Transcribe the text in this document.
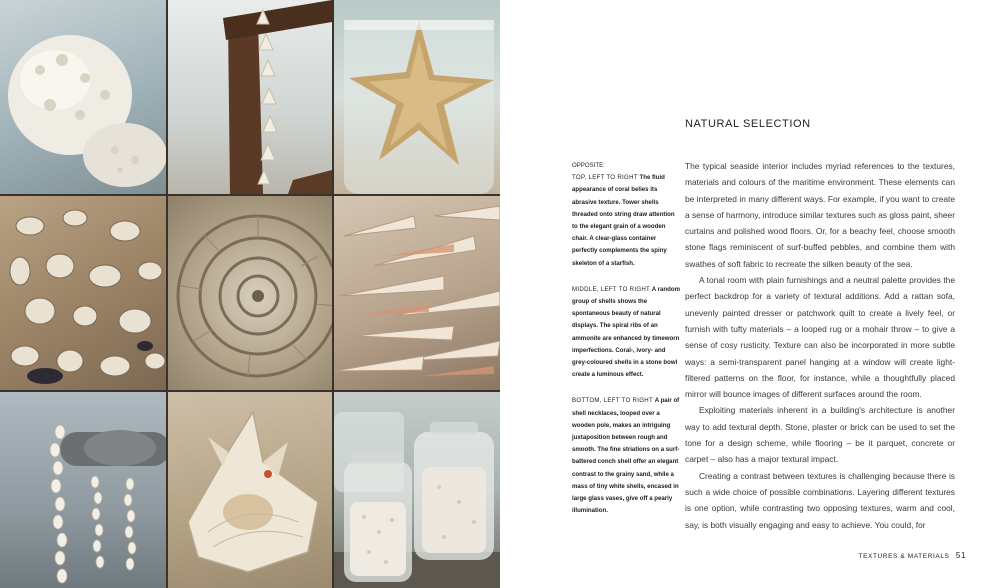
NATURAL SELECTION
OPPOSITE:
TOP, LEFT TO RIGHT The fluid appearance of coral belies its abrasive texture. Tower shells threaded onto string draw attention to the elegant grain of a wooden chair. A clear-glass container perfectly complements the spiny skeleton of a starfish.
MIDDLE, LEFT TO RIGHT A random group of shells shows the spontaneous beauty of natural displays. The spiral ribs of an ammonite are enhanced by timeworn imperfections. Coral-, ivory- and grey-coloured shells in a stone bowl create a luminous effect.
BOTTOM, LEFT TO RIGHT A pair of shell necklaces, looped over a wooden pole, makes an intriguing juxtaposition between rough and smooth. The fine striations on a surf-battered conch shell offer an elegant contrast to the grainy sand, while a mass of tiny white shells, encased in large glass vases, give off a pearly illumination.

The typical seaside interior includes myriad references to the textures, materials and colours of the maritime environment. These elements can be interpreted in many different ways. For example, if you want to create a sense of harmony, introduce similar textures such as gloss paint, sheer curtains and polished wood floors. Or, for a beachy feel, choose smooth stone flags reminiscent of surf-buffed pebbles, and combine them with swathes of soft fabric to recreate the silken beauty of the sea.

A tonal room with plain furnishings and a neutral palette provides the perfect backdrop for a variety of textural additions. Add a rattan sofa, unevenly painted dresser or patchwork quilt to create a lively feel, or furnish with tufty materials – a looped rug or a mohair throw – to give a sense of cosy rusticity. Texture can also be incorporated in more subtle ways: a semi-transparent panel hanging at a window will create light-filtered patterns on the floor, for instance, while a thoughtfully placed mirror will bounce images of different surfaces around the room.

Exploiting materials inherent in a building's architecture is another way to add textural depth. Stone, plaster or brick can be used to set the tone for a design scheme, while flooring – be it parquet, concrete or carpet – also has a major textural impact.

Creating a contrast between textures is challenging because there is such a wide choice of possible combinations. Layering different textures is one option, while contrasting two opposing textures, warm and cool, say, is both visually engaging and easy to achieve. You could, for

TEXTURES & MATERIALS 51
